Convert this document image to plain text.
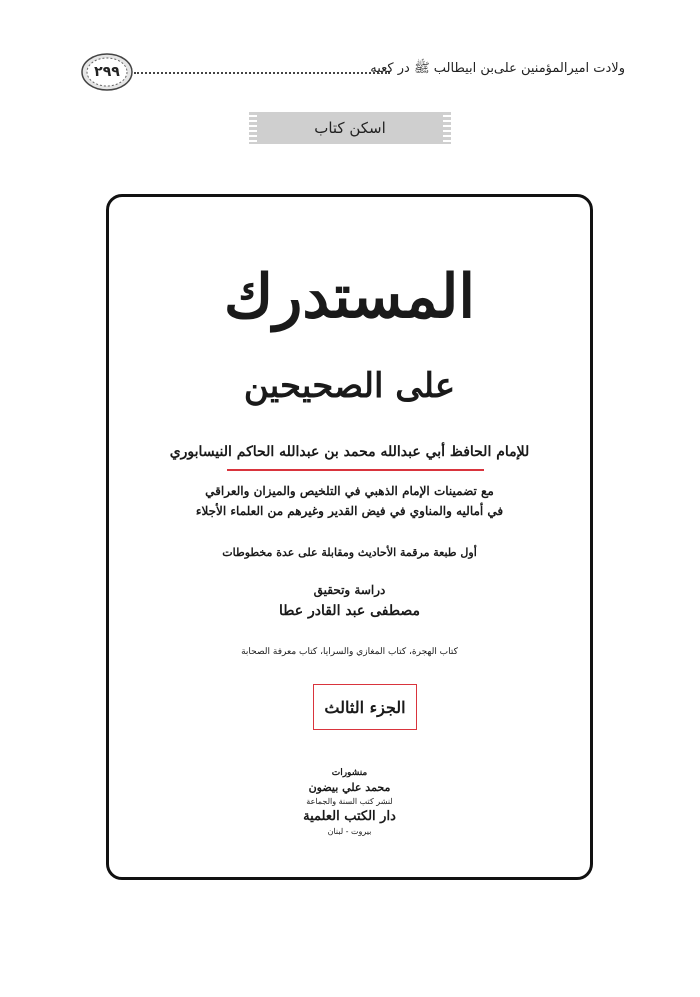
۲۹۹	ولادت امیرالمؤمنین علی‌بن ابیطالب ﷺ در کعبه
اسکن کتاب
المستدرك
على الصحيحين
للإمام الحافظ أبي عبدالله محمد بن عبدالله الحاكم النيسابوري
مع تضمينات الإمام الذهبي في التلخيص والميزان والعراقي
في أماليه والمناوي في فيض القدير وغيرهم من العلماء الأجلاء
أول طبعة مرقمة الأحاديث ومقابلة على عدة مخطوطات
دراسة وتحقيق
مصطفى عبد القادر عطا
كتاب الهجرة، كتاب المغازي والسرايا، كتاب معرفة الصحابة
الجزء الثالث
منشورات
محمد علي بيضون
لنشر كتب السنة والجماعة
دار الكتب العلمية
بيروت - لبنان
